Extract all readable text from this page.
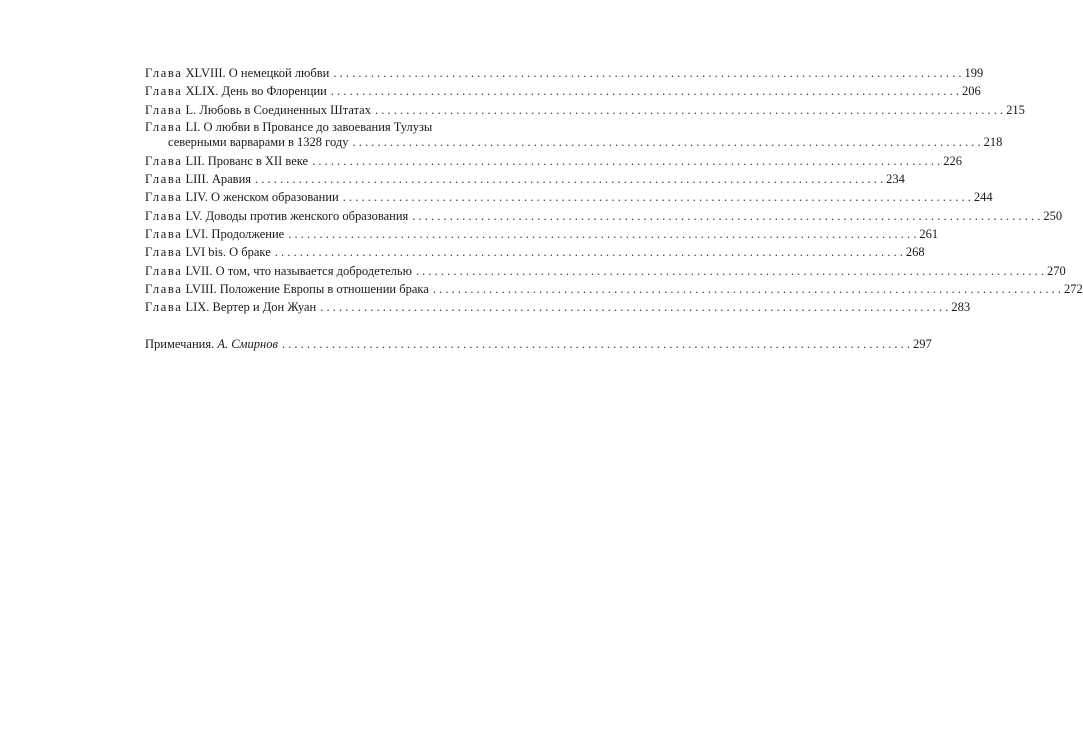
Глава XLVIII. О немецкой любви . . .	199
Глава XLIX. День во Флоренции . . .	206
Глава L. Любовь в Соединенных Штатах . . .	215
Глава LI. О любви в Провансе до завоевания Тулузы
северными варварами в 1328 году . . .	218
Глава LII. Прованс в XII веке . . .	226
Глава LIII. Аравия . . .	234
Глава LIV. О женском образовании . . .	244
Глава LV. Доводы против женского образования . . .	250
Глава LVI. Продолжение . . .	261
Глава LVI bis. О браке . . .	268
Глава LVII. О том, что называется добродетелью . . .	270
Глава LVIII. Положение Европы в отношении брака . . .	272
Глава LIX. Вертер и Дон Жуан . . .	283
Примечания. А. Смирнов . . .	297
